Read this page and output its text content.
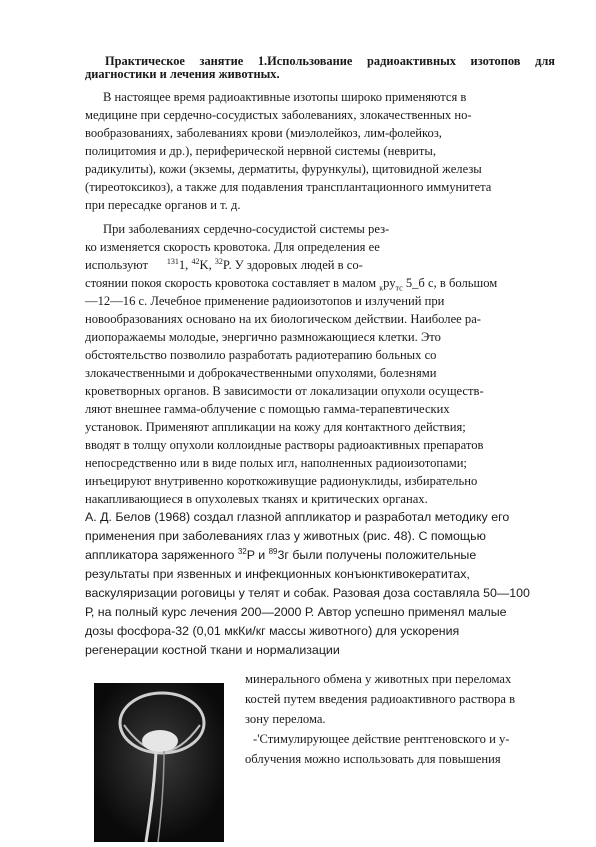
Практическое занятие 1.Использование радиоактивных изотопов для диагностики и лечения животных.
В настоящее время радиоактивные изотопы широко применяются в
медицине при сердечно-сосудистых заболеваниях, злокачественных но-
вообразованиях, заболеваниях крови (миэлолейкоз, лим-фолейкоз,
полицитомия и др.), периферической нервной системы (невриты,
радикулиты), кожи (экземы, дерматиты, фурункулы), щитовидной железы
(тиреотоксикоз), а также для подавления трансплантационного иммунитета
при пересадке органов и т. д.
При заболеваниях сердечно-сосудистой системы рез-
ко изменяется скорость кровотока. Для определения ее
используют $^{131}$1, $^{42}$K, $^{32}$P. У здоровых людей в со-
стоянии покоя скорость кровотока составляет в малом $_кру_{тс}$ 5_б с, в большом
—12—16 с. Лечебное применение радиоизотопов и излучений при
новообразованиях основано на их биологическом действии. Наиболее ра-
диопоражаемы молодые, энергично размножающиеся клетки. Это
обстоятельство позволило разработать радиотерапию больных со
злокачественными и доброкачественными опухолями, болезнями
кроветворных органов. В зависимости от локализации опухоли осуществ-
ляют внешнее гамма-облучение с помощью гамма-терапевтических
установок. Применяют аппликации на кожу для контактного действия;
вводят в толщу опухоли коллоидные растворы радиоактивных препаратов
непосредственно или в виде полых игл, наполненных радиоизотопами;
инъецируют внутривенно короткоживущие радионуклиды, избирательно
накапливающиеся в опухолевых тканях и критических органах.
А. Д. Белов (1968) создал глазной аппликатор и разработал методику его
применения при заболеваниях глаз у животных (рис. 48). С помощью
аппликатора заряженного $^{32}$P и $^{89}$3г были получены положительные
результаты при язвенных и инфекционных конъюнктивокератитах,
васкуляризации роговицы у телят и собак. Разовая доза составляла 50—100
Р, на полный курс лечения 200—2000 Р. Автор успешно применял малые
дозы фосфора-32 (0,01 мкКи/кг массы животного) для ускорения
регенерации костной ткани и нормализации
минерального обмена у животных при переломах
костей путем введения радиоактивного раствора в
зону перелома.
-'Стимулирующее действие рентгеновского и у-
облучения можно использовать для повышения
